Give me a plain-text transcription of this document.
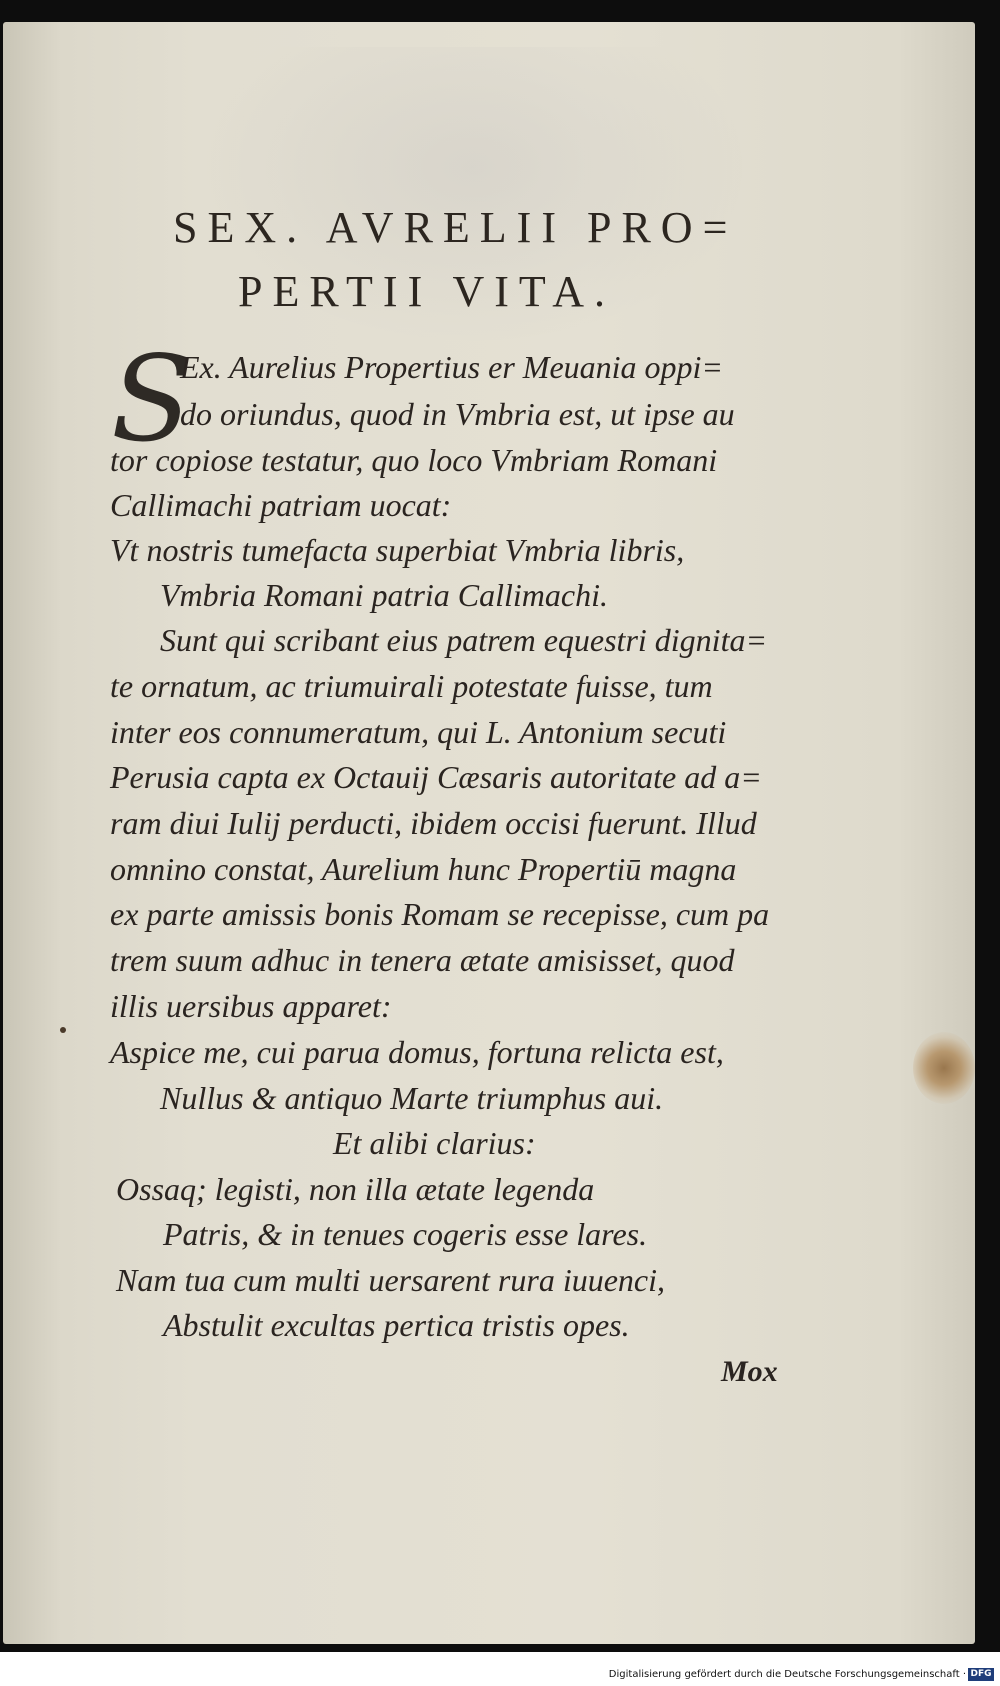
SEX. AVRELII PRO=
PERTII VITA.
S
Ex. Aurelius Propertius er Meuania oppi=
do oriundus, quod in Vmbria est, ut ipse au
tor copiose testatur, quo loco Vmbriam Romani
Callimachi patriam uocat:
Vt nostris tumefacta superbiat Vmbria libris,
Vmbria Romani patria Callimachi.
Sunt qui scribant eius patrem equestri dignita=
te ornatum, ac triumuirali potestate fuisse, tum
inter eos connumeratum, qui L. Antonium secuti
Perusia capta ex Octauij Cæsaris autoritate ad a=
ram diui Iulij perducti, ibidem occisi fuerunt. Illud
omnino constat, Aurelium hunc Propertiū magna
ex parte amissis bonis Romam se recepisse, cum pa
trem suum adhuc in tenera ætate amisisset, quod
illis uersibus apparet:
Aspice me, cui parua domus, fortuna relicta est,
Nullus & antiquo Marte triumphus aui.
Et alibi clarius:
Ossaq; legisti, non illa ætate legenda
Patris, & in tenues cogeris esse lares.
Nam tua cum multi uersarent rura iuuenci,
Abstulit excultas pertica tristis opes.
Mox
Digitalisierung gefördert durch die Deutsche Forschungsgemeinschaft · DFG
